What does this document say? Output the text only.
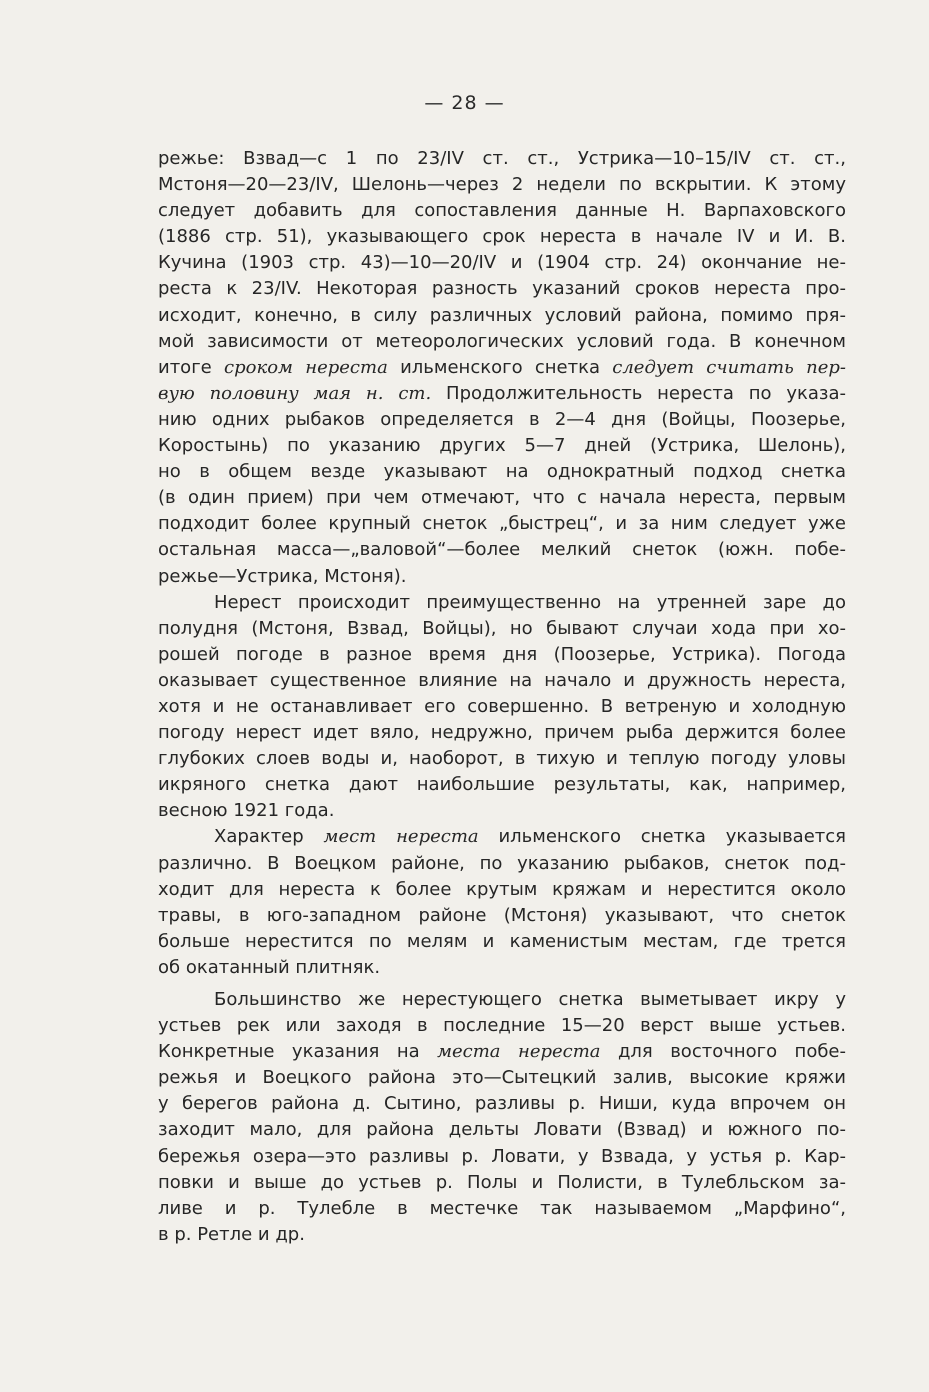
— 28 —
режье: Взвад—с 1 по 23/IV ст. ст., Устрика—10–15/IV ст. ст.,
Мстоня—20—23/IV, Шелонь—через 2 недели по вскрытии. К этому
следует добавить для сопоставления данные Н. Варпаховского
(1886 стр. 51), указывающего срок нереста в начале IV и И. В.
Кучина (1903 стр. 43)—10—20/IV и (1904 стр. 24) окончание не-
реста к 23/IV. Некоторая разность указаний сроков нереста про-
исходит, конечно, в силу различных условий района, помимо пря-
мой зависимости от метеорологических условий года. В конечном
итоге сроком нереста ильменского снетка следует считать пер-
вую половину мая н. ст. Продолжительность нереста по указа-
нию одних рыбаков определяется в 2—4 дня (Войцы, Поозерье,
Коростынь) по указанию других 5—7 дней (Устрика, Шелонь),
но в общем везде указывают на однократный подход снетка
(в один прием) при чем отмечают, что с начала нереста, первым
подходит более крупный снеток „быстрец“, и за ним следует уже
остальная масса—„валовой“—более мелкий снеток (южн. побе-
режье—Устрика, Мстоня).
Нерест происходит преимущественно на утренней заре до
полудня (Мстоня, Взвад, Войцы), но бывают случаи хода при хо-
рошей погоде в разное время дня (Поозерье, Устрика). Погода
оказывает существенное влияние на начало и дружность нереста,
хотя и не останавливает его совершенно. В ветреную и холодную
погоду нерест идет вяло, недружно, причем рыба держится более
глубоких слоев воды и, наоборот, в тихую и теплую погоду уловы
икряного снетка дают наибольшие результаты, как, например,
весною 1921 года.
Характер мест нереста ильменского снетка указывается
различно. В Воецком районе, по указанию рыбаков, снеток под-
ходит для нереста к более крутым кряжам и нерестится около
травы, в юго-западном районе (Мстоня) указывают, что снеток
больше нерестится по мелям и каменистым местам, где трется
об окатанный плитняк.
Большинство же нерестующего снетка выметывает икру у
устьев рек или заходя в последние 15—20 верст выше устьев.
Конкретные указания на места нереста для восточного побе-
режья и Воецкого района это—Сытецкий залив, высокие кряжи
у берегов района д. Сытино, разливы р. Ниши, куда впрочем он
заходит мало, для района дельты Ловати (Взвад) и южного по-
бережья озера—это разливы р. Ловати, у Взвада, у устья р. Кар-
повки и выше до устьев р. Полы и Полисти, в Тулебльском за-
ливе и р. Тулебле в местечке так называемом „Марфино“,
в р. Ретле и др.
